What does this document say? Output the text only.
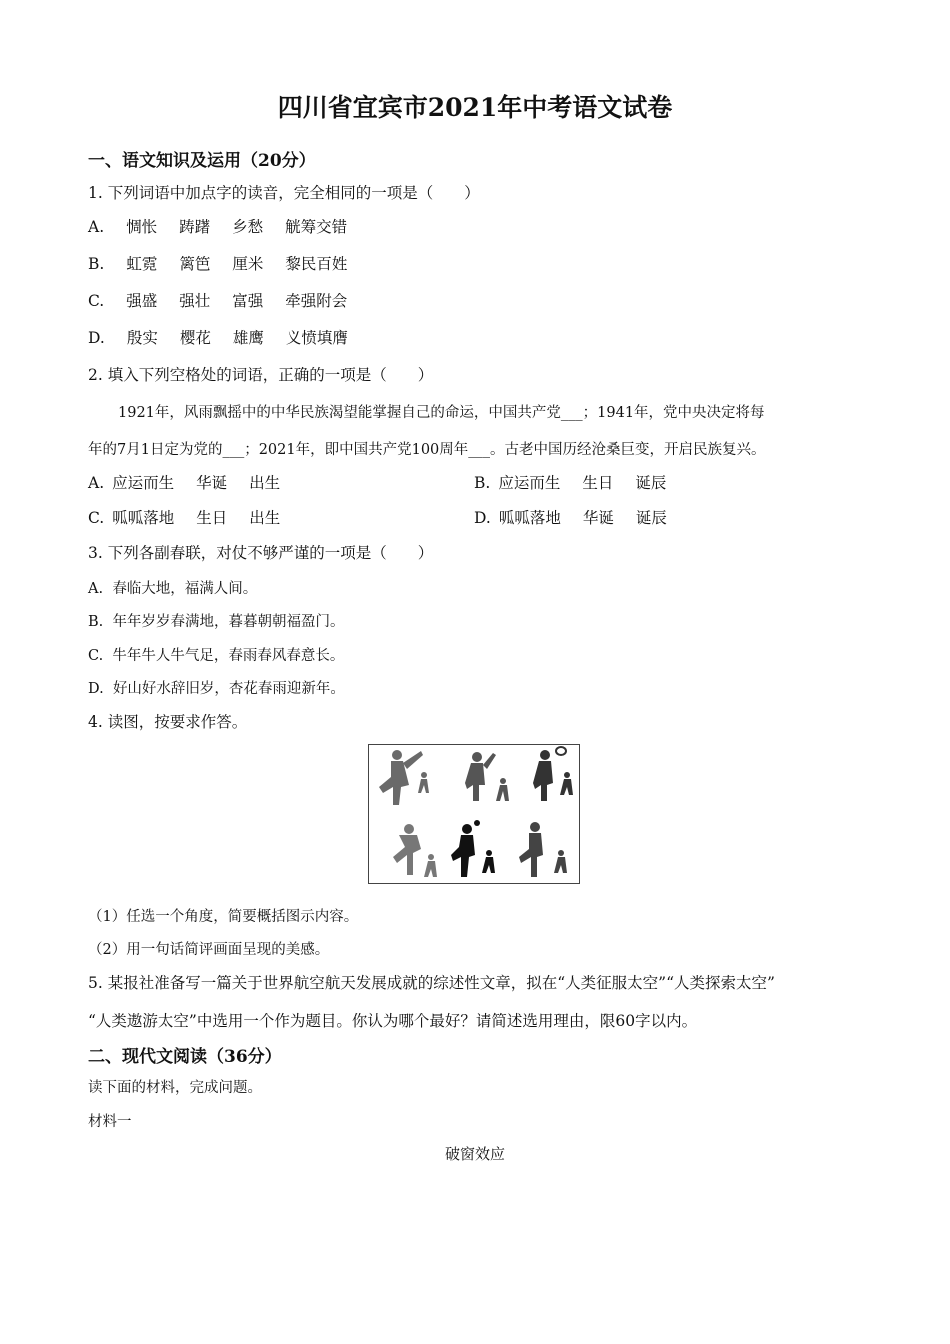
四川省宜宾市2021年中考语文试卷
一、语文知识及运用（20分）
1. 下列词语中加点字的读音，完全相同的一项是（　　）
A. 惆怅 踌躇 乡愁 觥筹交错
B. 虹霓 篱笆 厘米 黎民百姓
C. 强盛 强壮 富强 牵强附会
D. 殷实 樱花 雄鹰 义愤填膺
2. 填入下列空格处的词语，正确的一项是（　　）
1921年，风雨飘摇中的中华民族渴望能掌握自己的命运，中国共产党___；1941年，党中央决定将每
年的7月1日定为党的___；2021年，即中国共产党100周年___。古老中国历经沧桑巨变，开启民族复兴。
A. 应运而生 华诞 出生	B. 应运而生 生日 诞辰
C. 呱呱落地 生日 出生	D. 呱呱落地 华诞 诞辰
3. 下列各副春联，对仗不够严谨的一项是（　　）
A. 春临大地，福满人间。
B. 年年岁岁春满地，暮暮朝朝福盈门。
C. 牛年牛人牛气足，春雨春风春意长。
D. 好山好水辞旧岁，杏花春雨迎新年。
4. 读图，按要求作答。
（1）任选一个角度，简要概括图示内容。
（2）用一句话简评画面呈现的美感。
5. 某报社准备写一篇关于世界航空航天发展成就的综述性文章，拟在“人类征服太空”“人类探索太空”
“人类遨游太空”中选用一个作为题目。你认为哪个最好？请简述选用理由，限60字以内。
二、现代文阅读（36分）
读下面的材料，完成问题。
材料一
破窗效应
